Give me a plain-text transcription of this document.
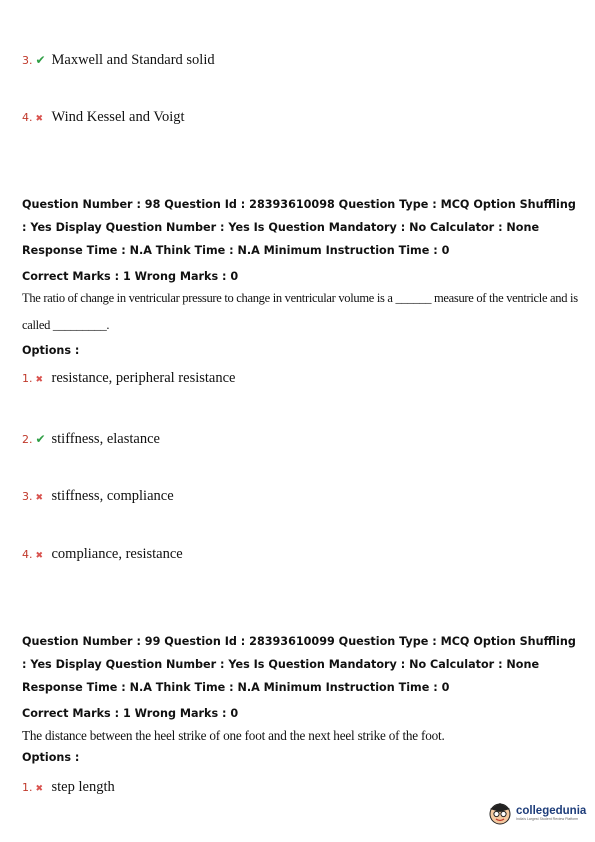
3. ✔ Maxwell and Standard solid
4. ✖ Wind Kessel and Voigt
Question Number : 98 Question Id : 28393610098 Question Type : MCQ Option Shuffling : Yes Display Question Number : Yes Is Question Mandatory : No Calculator : None Response Time : N.A Think Time : N.A Minimum Instruction Time : 0
Correct Marks : 1 Wrong Marks : 0
The ratio of change in ventricular pressure to change in ventricular volume is a ______ measure of the ventricle and is called _________.
Options :
1. ✖ resistance, peripheral resistance
2. ✔ stiffness, elastance
3. ✖ stiffness, compliance
4. ✖ compliance, resistance
Question Number : 99 Question Id : 28393610099 Question Type : MCQ Option Shuffling : Yes Display Question Number : Yes Is Question Mandatory : No Calculator : None Response Time : N.A Think Time : N.A Minimum Instruction Time : 0
Correct Marks : 1 Wrong Marks : 0
The distance between the heel strike of one foot and the next heel strike of the foot.
Options :
1. ✖ step length
collegedunia
India's Largest Student Review Platform
